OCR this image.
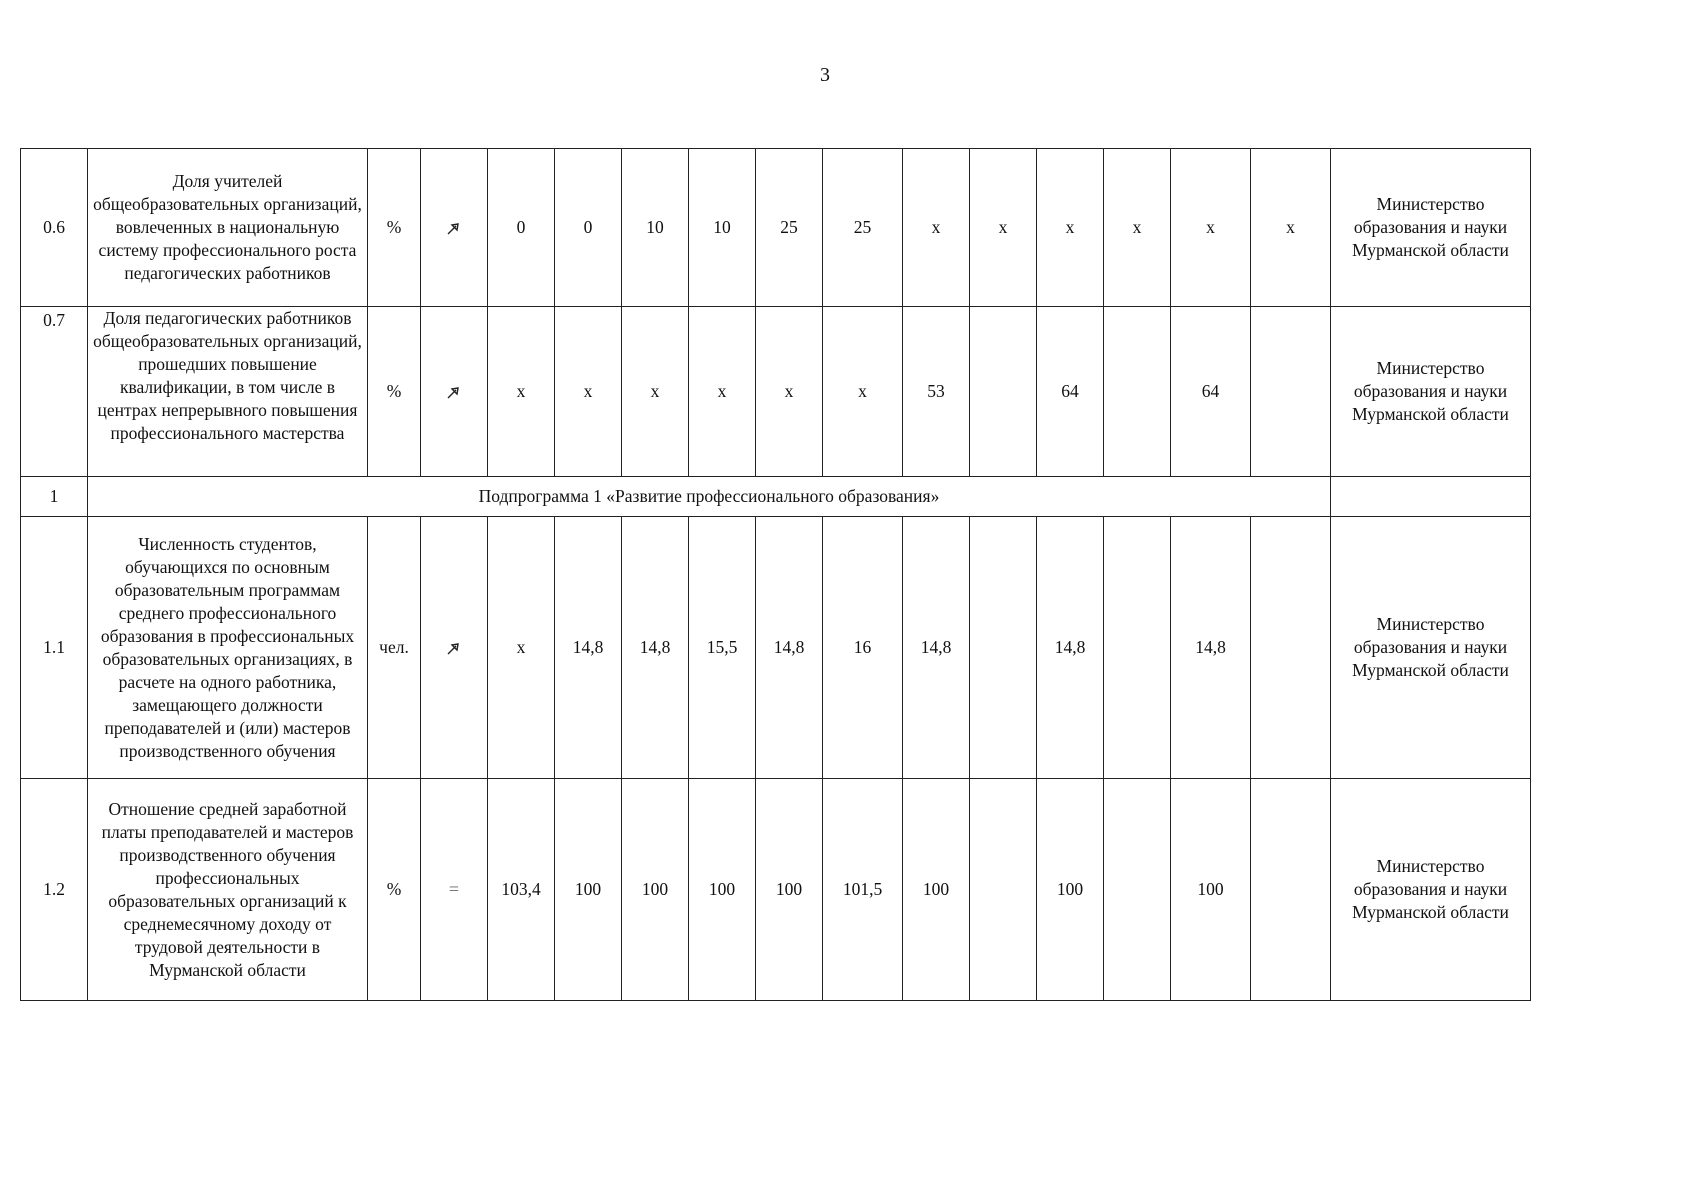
3
0.6	Доля учителей общеобразовательных организаций, вовлеченных в национальную систему профессионального роста педагогических работников	%		0	0	10	10	25	25	х	х	х	х	х	х	Министерство образования и науки Мурманской области
0.7	Доля педагогических работников общеобразовательных организаций, прошедших повышение квалификации, в том числе в центрах непрерывного повышения профессионального мастерства	%		х	х	х	х	х	х	53		64		64		Министерство образования и науки Мурманской области
1	Подпрограмма 1 «Развитие профессионального образования»															
1.1	Численность студентов, обучающихся по основным образовательным программам среднего профессионального образования в профессиональных образовательных организациях, в расчете на одного работника, замещающего должности преподавателей и (или) мастеров производственного обучения	чел.		х	14,8	14,8	15,5	14,8	16	14,8		14,8		14,8		Министерство образования и науки Мурманской области
1.2	Отношение средней заработной платы преподавателей и мастеров производственного обучения профессиональных образовательных организаций к среднемесячному доходу от трудовой деятельности в Мурманской области	%	=	103,4	100	100	100	100	101,5	100		100		100		Министерство образования и науки Мурманской области
